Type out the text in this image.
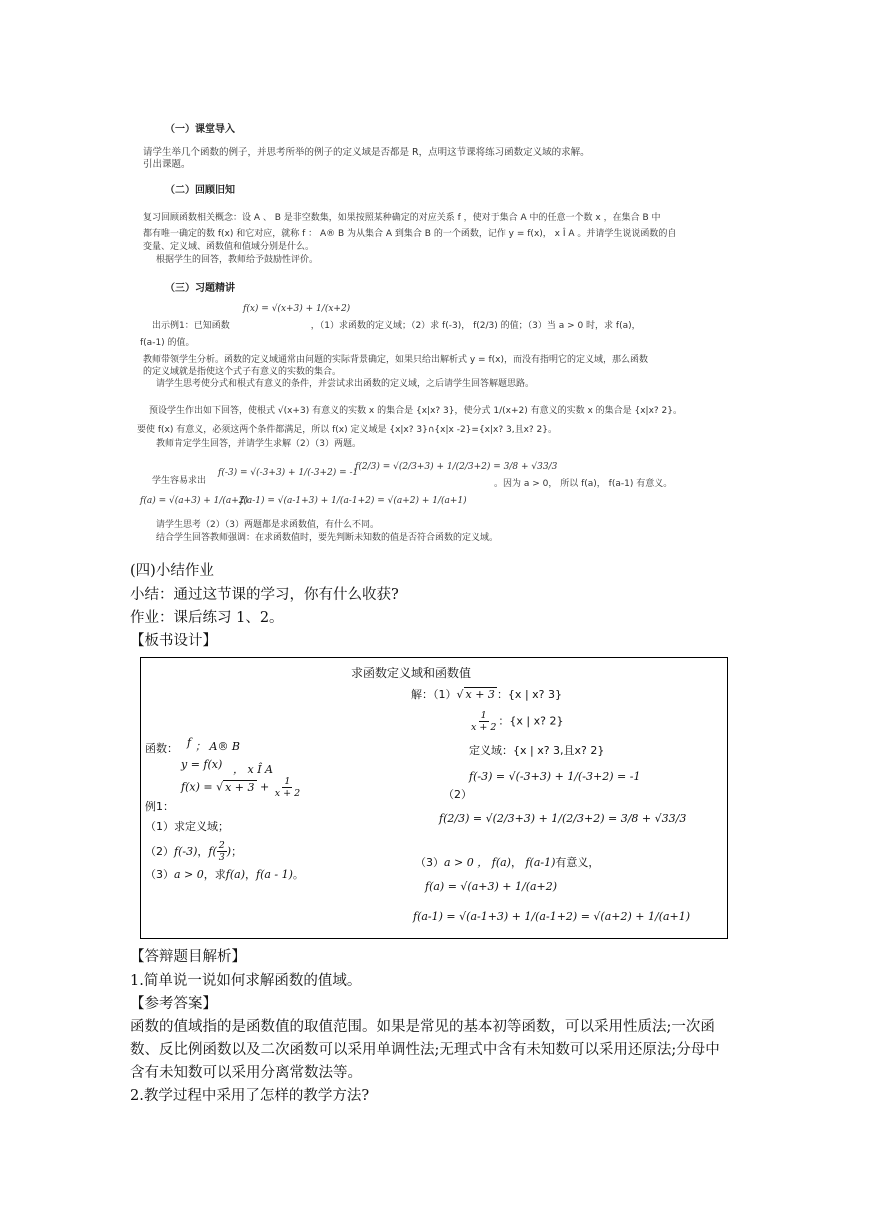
（一）课堂导入
请学生举几个函数的例子，并思考所举的例子的定义域是否都是 R，点明这节课将练习函数定义域的求解。
引出课题。
（二）回顾旧知
复习回顾函数相关概念：设 A 、 B 是非空数集，如果按照某种确定的对应关系 f ，使对于集合 A 中的任意一个数 x ，在集合 B 中
都有唯一确定的数 f(x) 和它对应，就称 f ： A® B 为从集合 A 到集合 B 的一个函数，记作 y = f(x)， x Î A 。并请学生说说函数的自
变量、定义域、函数值和值域分别是什么。
根据学生的回答，教师给予鼓励性评价。
（三）习题精讲
f(x) = √(x+3) + 1/(x+2)
出示例1：已知函数　　　　　　　　　，（1）求函数的定义域；（2）求 f(-3)， f(2/3) 的值；（3）当 a > 0 时，求 f(a)，
f(a-1) 的值。
教师带领学生分析。函数的定义域通常由问题的实际背景确定，如果只给出解析式 y = f(x)，而没有指明它的定义域，那么函数
的定义域就是指使这个式子有意义的实数的集合。
请学生思考使分式和根式有意义的条件，并尝试求出函数的定义域，之后请学生回答解题思路。
预设学生作出如下回答，使根式 √(x+3) 有意义的实数 x 的集合是 {x|x? 3}，使分式 1/(x+2) 有意义的实数 x 的集合是 {x|x? 2}。
要使 f(x) 有意义，必须这两个条件都满足，所以 f(x) 定义域是 {x|x? 3}∩{x|x -2}={x|x? 3,且x? 2}。
教师肯定学生回答，并请学生求解（2）（3）两题。
学生容易求出
f(-3) = √(-3+3) + 1/(-3+2) = -1
f(2/3) = √(2/3+3) + 1/(2/3+2) = 3/8 + √33/3
。因为 a > 0， 所以 f(a)， f(a-1) 有意义。
f(a) = √(a+3) + 1/(a+2)
f(a-1) = √(a-1+3) + 1/(a-1+2) = √(a+2) + 1/(a+1)
请学生思考（2）（3）两题都是求函数值，有什么不同。
结合学生回答教师强调：在求函数值时，要先判断未知数的值是否符合函数的定义域。
(四)小结作业
小结：通过这节课的学习，你有什么收获?
作业：课后练习 1、2。
【板书设计】
求函数定义域和函数值
函数： f ； A® B
y = f(x) ， x Î A
例1：
f(x) = √ $x + 3 + \frac{1}{x + 2}$
（1）求定义域；
（2）f(-3)， $f( \frac{2}{3}$ ) ；
（3）a > 0，求f(a)，f(a - 1)。
解：（1）√ x + 3 ：{x | x? 3}
$\frac{1}{x + 2}$ ：{x | x? 2}
定义域：{x | x? 3,且x? 2}
f(-3) = √(-3+3) + 1/(-3+2) = -1
（2）
f(2/3) = √(2/3+3) + 1/(2/3+2) = 3/8 + √33/3
（3）a > 0 ， f(a)， f(a-1)有意义，
f(a) = √(a+3) + 1/(a+2)
f(a-1) = √(a-1+3) + 1/(a-1+2) = √(a+2) + 1/(a+1)
【答辩题目解析】
1.简单说一说如何求解函数的值域。
【参考答案】
函数的值域指的是函数值的取值范围。如果是常见的基本初等函数，可以采用性质法;一次函数、反比例函数以及二次函数可以采用单调性法;无理式中含有未知数可以采用还原法;分母中含有未知数可以采用分离常数法等。
2.教学过程中采用了怎样的教学方法?
